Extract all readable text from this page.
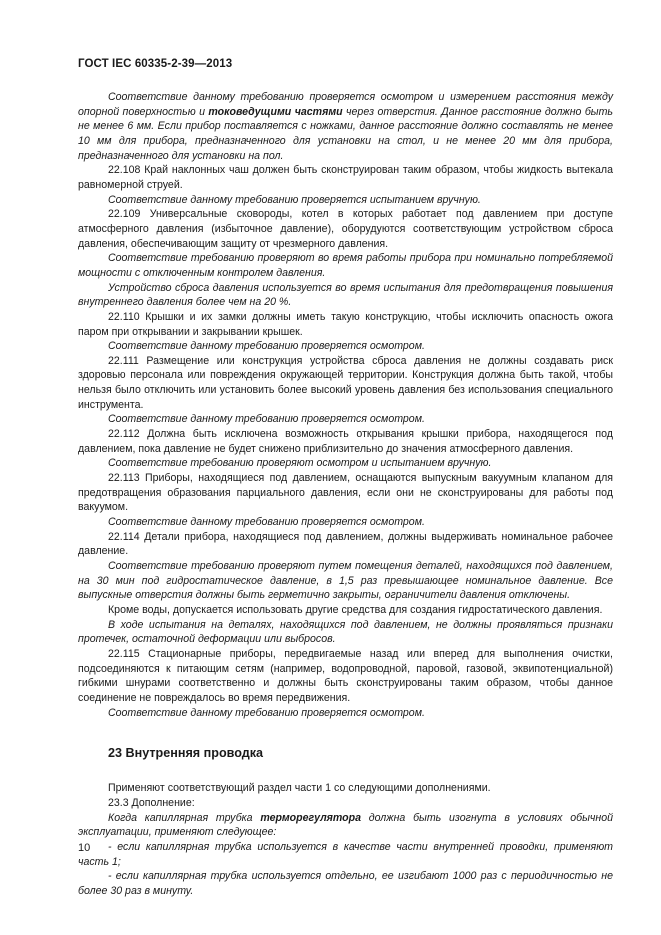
ГОСТ IEC 60335-2-39—2013

Соответствие данному требованию проверяется осмотром и измерением расстояния между опорной поверхностью и токоведущими частями через отверстия. Данное расстояние должно быть не менее 6 мм. Если прибор поставляется с ножками, данное расстояние должно составлять не менее 10 мм для прибора, предназначенного для установки на стол, и не менее 20 мм для прибора, предназначенного для установки на пол.

22.108 Край наклонных чаш должен быть сконструирован таким образом, чтобы жидкость вытекала равномерной струей.

Соответствие данному требованию проверяется испытанием вручную.

22.109 Универсальные сковороды, котел в которых работает под давлением при доступе атмосферного давления (избыточное давление), оборудуются соответствующим устройством сброса давления, обеспечивающим защиту от чрезмерного давления.

Соответствие требованию проверяют во время работы прибора при номинально потребляемой мощности с отключенным контролем давления.

Устройство сброса давления используется во время испытания для предотвращения повышения внутреннего давления более чем на 20 %.

22.110 Крышки и их замки должны иметь такую конструкцию, чтобы исключить опасность ожога паром при открывании и закрывании крышек.

Соответствие данному требованию проверяется осмотром.

22.111 Размещение или конструкция устройства сброса давления не должны создавать риск здоровью персонала или повреждения окружающей территории. Конструкция должна быть такой, чтобы нельзя было отключить или установить более высокий уровень давления без использования специального инструмента.

Соответствие данному требованию проверяется осмотром.

22.112 Должна быть исключена возможность открывания крышки прибора, находящегося под давлением, пока давление не будет снижено приблизительно до значения атмосферного давления.

Соответствие требованию проверяют осмотром и испытанием вручную.

22.113 Приборы, находящиеся под давлением, оснащаются выпускным вакуумным клапаном для предотвращения образования парциального давления, если они не сконструированы для работы под вакуумом.

Соответствие данному требованию проверяется осмотром.

22.114 Детали прибора, находящиеся под давлением, должны выдерживать номинальное рабочее давление.

Соответствие требованию проверяют путем помещения деталей, находящихся под давлением, на 30 мин под гидростатическое давление, в 1,5 раз превышающее номинальное давление. Все выпускные отверстия должны быть герметично закрыты, ограничители давления отключены.

Кроме воды, допускается использовать другие средства для создания гидростатического давления.

В ходе испытания на деталях, находящихся под давлением, не должны проявляться признаки протечек, остаточной деформации или выбросов.

22.115 Стационарные приборы, передвигаемые назад или вперед для выполнения очистки, подсоединяются к питающим сетям (например, водопроводной, паровой, газовой, эквипотенциальной) гибкими шнурами соответственно и должны быть сконструированы таким образом, чтобы данное соединение не повреждалось во время передвижения.

Соответствие данному требованию проверяется осмотром.

23 Внутренняя проводка

Применяют соответствующий раздел части 1 со следующими дополнениями.

23.3 Дополнение:

Когда капиллярная трубка терморегулятора должна быть изогнута в условиях обычной эксплуатации, применяют следующее:

- если капиллярная трубка используется в качестве части внутренней проводки, применяют часть 1;

- если капиллярная трубка используется отдельно, ее изгибают 1000 раз с периодичностью не более 30 раз в минуту.

10
